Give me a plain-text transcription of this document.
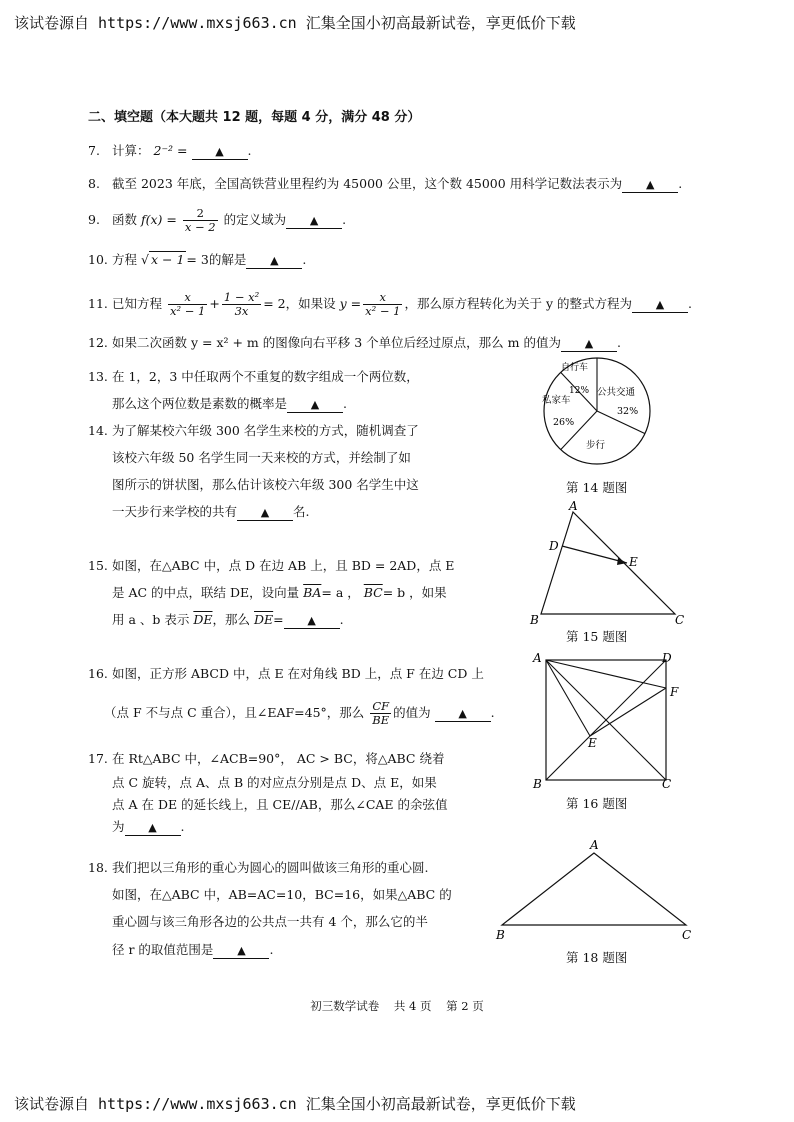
该试卷源自 https://www.mxsj663.cn 汇集全国小初高最新试卷，享更低价下载
二、填空题（本大题共 12 题，每题 4 分，满分 48 分）
7. 计算： 2⁻² =	▲ .
8. 截至 2023 年底，全国高铁营业里程约为 45000 公里，这个数 45000 用科学记数法表示为 ▲ .
9. 函数 $f(x) = \frac{2}{x - 2}$ 的定义域为 ▲ .
10. 方程 √ x − 1 = 3的解是 ▲ .
11. 已知方程 $\frac{x}{\text{x² − 1}} + \frac{\text{1 − x²}}{3x} = 2$，如果设 $y = \frac{x}{\text{x² − 1}}$ ，那么原方程转化为关于 y 的整式方程为 ▲ .
12. 如果二次函数 y = x² + m 的图像向右平移 3 个单位后经过原点，那么 m 的值为 ▲ .
13. 在 1，2，3 中任取两个不重复的数字组成一个两位数，
那么这个两位数是素数的概率是 ▲ .
14. 为了解某校六年级 300 名学生来校的方式，随机调查了
该校六年级 50 名学生同一天来校的方式，并绘制了如
图所示的饼状图，那么估计该校六年级 300 名学生中这
一天步行来学校的共有 ▲ 名.
15. 如图，在△ABC 中，点 D 在边 AB 上，且 BD = 2AD，点 E
是 AC 的中点，联结 DE，设向量 $\overline{BA}= a$ ， $\overline{BC}= b$ ，如果
用 a 、b 表示 $\overline{DE}$，那么 $\overline{DE}=$ ▲ .
16. 如图，正方形 ABCD 中，点 E 在对角线 BD 上，点 F 在边 CD 上
（点 F 不与点 C 重合），且∠EAF=45°，那么 $\frac{CF}{BE}$ 的值为	▲ .
17. 在 Rt△ABC 中，∠ACB=90°， AC > BC，将△ABC 绕着
点 C 旋转，点 A、点 B 的对应点分别是点 D、点 E，如果
点 A 在 DE 的延长线上，且 CE//AB，那么∠CAE 的余弦值
为 ▲ .
18. 我们把以三角形的重心为圆心的圆叫做该三角形的重心圆.
如图，在△ABC 中，AB=AC=10，BC=16，如果△ABC 的
重心圆与该三角形各边的公共点一共有 4 个，那么它的半
径 r 的取值范围是 ▲ .
自行车
12% 公共交通
32%
私家车
26%
步行
第 14 题图
A
B	C
D
E
第 15 题图
A	D
F
E
B	C
第 16 题图
A
B	C
第 18 题图
初三数学试卷    共 4 页    第 2 页
该试卷源自 https://www.mxsj663.cn 汇集全国小初高最新试卷，享更低价下载
